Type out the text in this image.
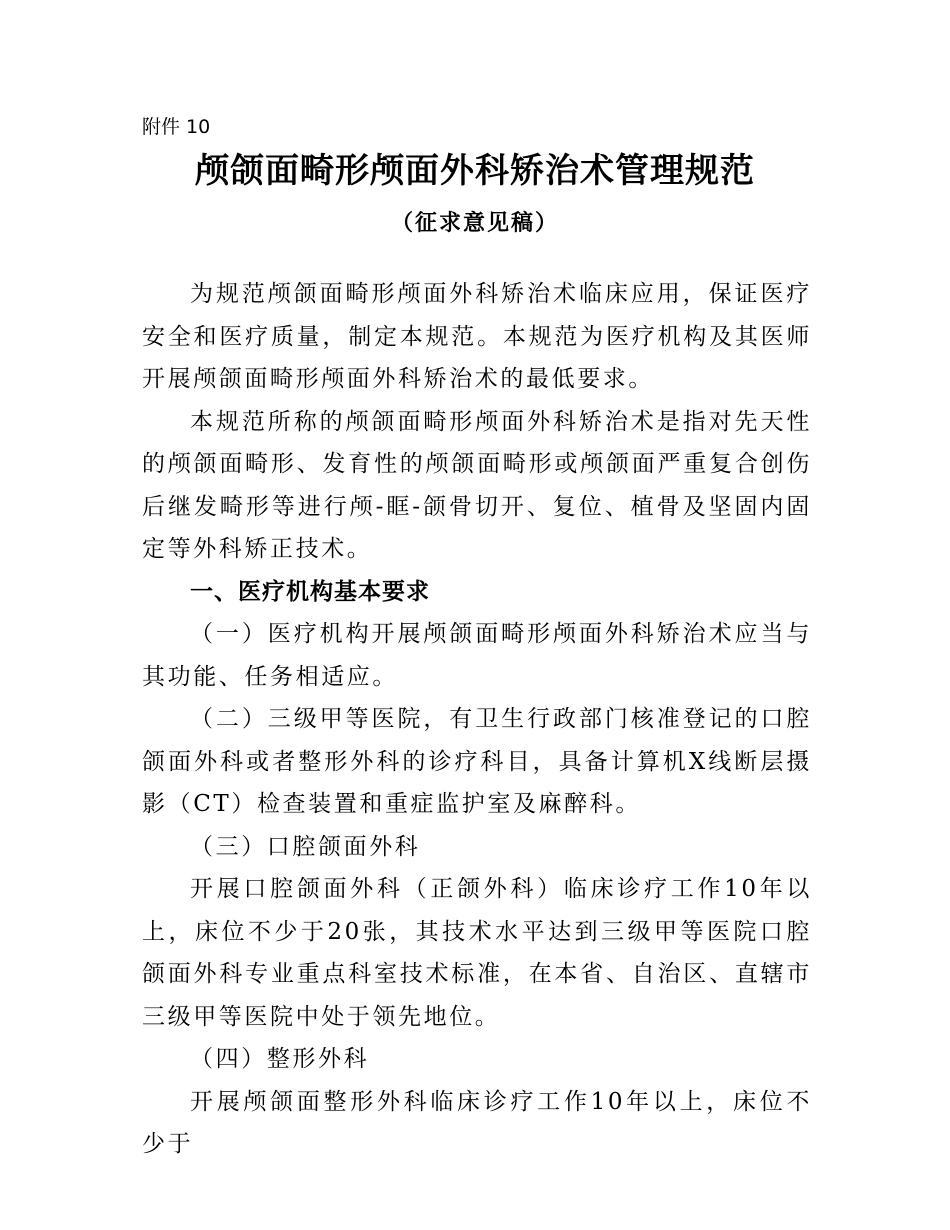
附件 10
颅颌面畸形颅面外科矫治术管理规范
（征求意见稿）

为规范颅颌面畸形颅面外科矫治术临床应用，保证医疗安全和医疗质量，制定本规范。本规范为医疗机构及其医师开展颅颌面畸形颅面外科矫治术的最低要求。

本规范所称的颅颌面畸形颅面外科矫治术是指对先天性的颅颌面畸形、发育性的颅颌面畸形或颅颌面严重复合创伤后继发畸形等进行颅-眶-颌骨切开、复位、植骨及坚固内固定等外科矫正技术。

一、医疗机构基本要求

（一）医疗机构开展颅颌面畸形颅面外科矫治术应当与其功能、任务相适应。

（二）三级甲等医院，有卫生行政部门核准登记的口腔颌面外科或者整形外科的诊疗科目，具备计算机X线断层摄影（CT）检查装置和重症监护室及麻醉科。

（三）口腔颌面外科

开展口腔颌面外科（正颌外科）临床诊疗工作10年以上，床位不少于20张，其技术水平达到三级甲等医院口腔颌面外科专业重点科室技术标准，在本省、自治区、直辖市三级甲等医院中处于领先地位。

（四）整形外科

开展颅颌面整形外科临床诊疗工作10年以上，床位不少于
